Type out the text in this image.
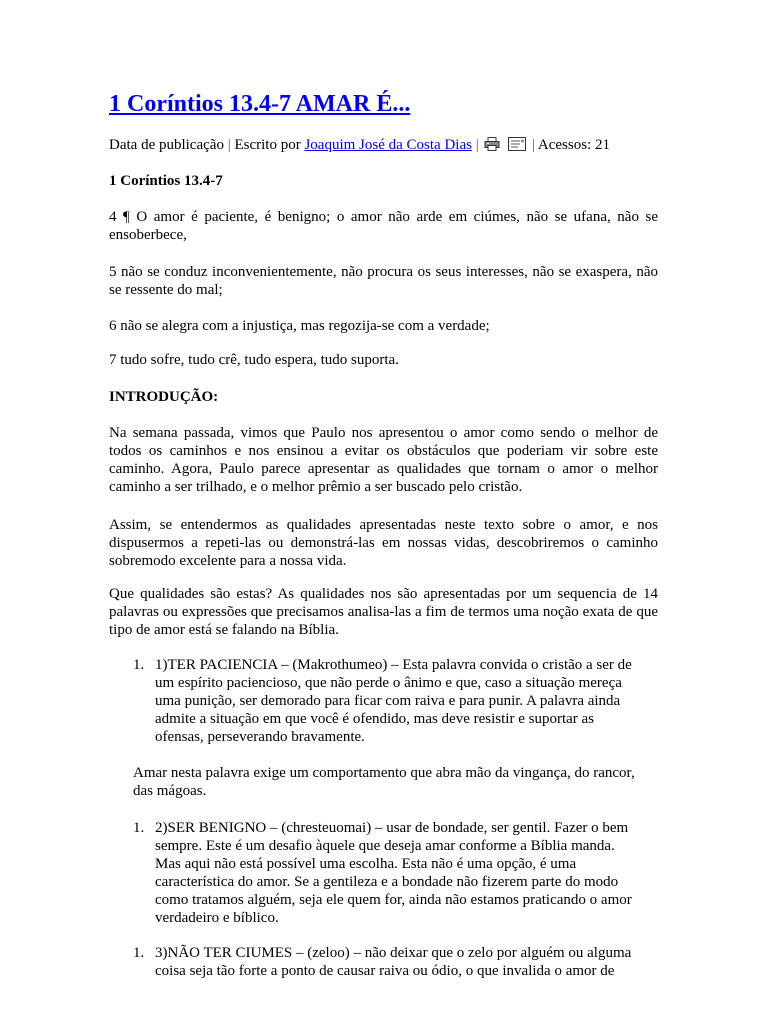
1 Coríntios 13.4-7 AMAR É...
Data de publicação | Escrito por Joaquim José da Costa Dias |	| Acessos: 21

1 Coríntios 13.4-7

4 ¶ O amor é paciente, é benigno; o amor não arde em ciúmes, não se ufana, não se ensoberbece,

5 não se conduz inconvenientemente, não procura os seus interesses, não se exaspera, não se ressente do mal;

6 não se alegra com a injustiça, mas regozija-se com a verdade;

7 tudo sofre, tudo crê, tudo espera, tudo suporta.

INTRODUÇÃO:

Na semana passada, vimos que Paulo nos apresentou o amor como sendo o melhor de todos os caminhos e nos ensinou a evitar os obstáculos que poderiam vir sobre este caminho. Agora, Paulo parece apresentar as qualidades que tornam o amor o melhor caminho a ser trilhado, e o melhor prêmio a ser buscado pelo cristão.

Assim, se entendermos as qualidades apresentadas neste texto sobre o amor, e nos dispusermos a repeti-las ou demonstrá-las em nossas vidas, descobriremos o caminho sobremodo excelente para a nossa vida.

Que qualidades são estas? As qualidades nos são apresentadas por um sequencia de 14 palavras ou expressões que precisamos analisa-las a fim de termos uma noção exata de que tipo de amor está se falando na Bíblia.

1. 1)TER PACIENCIA – (Makrothumeo) – Esta palavra convida o cristão a ser de um espírito pacienciosо, que não perde o ânimo e que, caso a situação mereça uma punição, ser demorado para ficar com raiva e para punir. A palavra ainda admite a situação em que você é ofendido, mas deve resistir e suportar as ofensas, perseverando bravamente.

Amar nesta palavra exige um comportamento que abra mão da vingança, do rancor, das mágoas.

1. 2)SER BENIGNO – (chresteuomai) – usar de bondade, ser gentil. Fazer o bem sempre. Este é um desafio àquele que deseja amar conforme a Bíblia manda. Mas aqui não está possível uma escolha. Esta não é uma opção, é uma característica do amor. Se a gentileza e a bondade não fizerem parte do modo como tratamos alguém, seja ele quem for, ainda não estamos praticando o amor verdadeiro e bíblico.
1. 3)NÃO TER CIUMES – (zeloo) – não deixar que o zelo por alguém ou alguma coisa seja tão forte a ponto de causar raiva ou ódio, o que invalida o amor de
